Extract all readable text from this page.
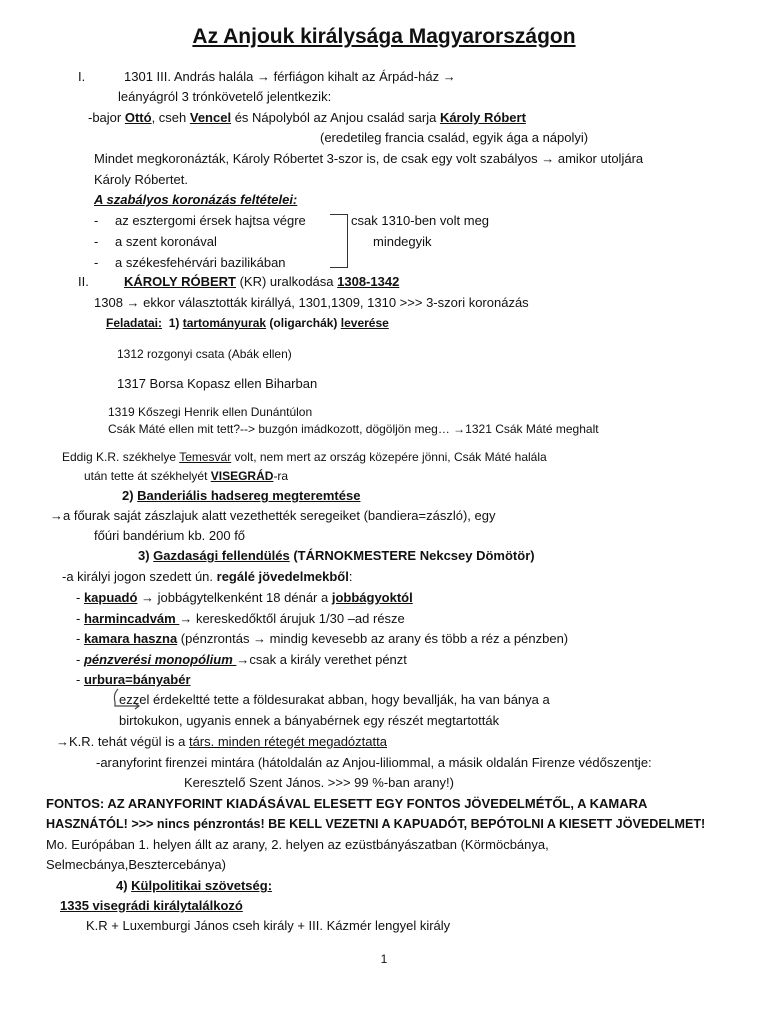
Az Anjouk királysága Magyarországon
I.	1301 III. András halála → férfiágon kihalt az Árpád-ház →
leányágról 3 trónkövetelő jelentkezik:
-bajor Ottó, cseh Vencel és Nápolyból az Anjou család sarja Károly Róbert
(eredetileg francia család, egyik ága a nápolyi)
Mindet megkoronázták, Károly Róbertet 3-szor is, de csak egy volt szabályos → amikor utoljára
Károly Róbertet.
A szabályos koronázás feltételei:
- az esztergomi érsek hajtsa végre
- a szent koronával
- a székesfehérvári bazilikában
csak 1310-ben volt meg
mindegyik
II.	KÁROLY RÓBERT (KR) uralkodása 1308-1342
1308 → ekkor választották királlyá, 1301,1309, 1310 >>> 3-szori koronázás
Feladatai: 1) tartományurak (oligarchák) leverése
1312 rozgonyi csata (Abák ellen)
1317 Borsa Kopasz ellen Biharban
1319 Kőszegi Henrik ellen Dunántúlon
Csák Máté ellen mit tett?--> buzgón imádkozott, dögöljön meg… →1321 Csák Máté meghalt
Eddig K.R. székhelye Temesvár volt, nem mert az ország közepére jönni, Csák Máté halála
után tette át székhelyét VISEGRÁD-ra
2) Banderiális hadsereg megteremtése
→a főurak saját zászlajuk alatt vezethették seregeiket (bandiera=zászló), egy
főúri bandérium kb. 200 fő
3) Gazdasági fellendülés (TÁRNOKMESTERE Nekcsey Dömötör)
-a királyi jogon szedett ún. regálé jövedelmekből:
- kapuadó → jobbágytelkenként 18 dénár a jobbágyoktól
- harmincadvám → kereskedőktől árujuk 1/30 –ad része
- kamara haszna (pénzrontás → mindig kevesebb az arany és több a réz a pénzben)
- pénzverési monopólium →csak a király verethet pénzt
- urbura=bányabér
ezzel érdekeltté tette a földesurakat abban, hogy bevallják, ha van bánya a
birtokukon, ugyanis ennek a bányabérnek egy részét megtartották
→K.R. tehát végül is a társ. minden rétegét megadóztatta
-aranyforint firenzei mintára (hátoldalán az Anjou-liliommal, a másik oldalán Firenze védőszentje:
Keresztelő Szent János. >>> 99 %-ban arany!)
FONTOS: AZ ARANYFORINT KIADÁSÁVAL ELESETT EGY FONTOS JÖVEDELMÉTŐL, A KAMARA
HASZNÁTÓL! >>> nincs pénzrontás! BE KELL VEZETNI A KAPUADÓT, BEPÓTOLNI A KIESETT JÖVEDELMET!
Mo. Európában 1. helyen állt az arany, 2. helyen az ezüstbányászatban (Körmöcbánya,
Selmecbánya,Besztercebánya)
4) Külpolitikai szövetség:
1335 visegrádi királytalálkozó
K.R + Luxemburgi János cseh király + III. Kázmér lengyel király
1
